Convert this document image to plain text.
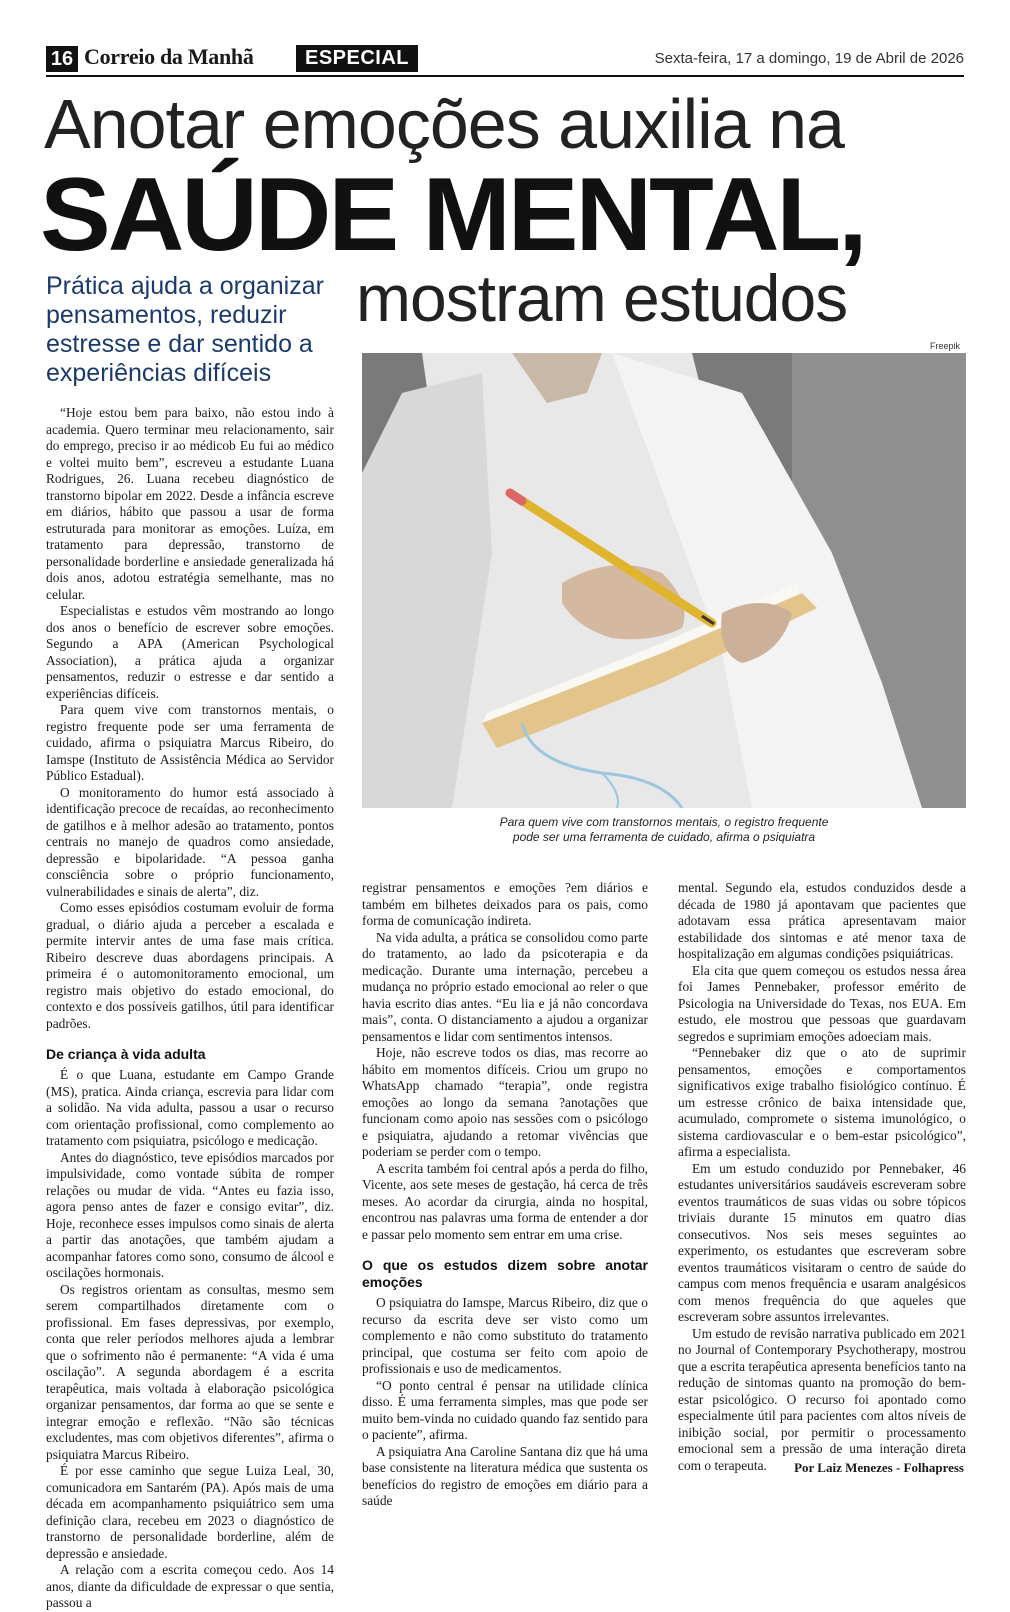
16 Correio da Manhã	ESPECIAL	Sexta-feira, 17 a domingo, 19 de Abril de 2026
Anotar emoções auxilia na
SAÚDE MENTAL,
mostram estudos
Prática ajuda a organizar pensamentos, reduzir estresse e dar sentido a experiências difíceis
Freepik
Para quem vive com transtornos mentais, o registro frequente
pode ser uma ferramenta de cuidado, afirma o psiquiatra

“Hoje estou bem para baixo, não estou indo à academia. Quero terminar meu relacionamento, sair do emprego, preciso ir ao médicob Eu fui ao médico e voltei muito bem”, escreveu a estudante Luana Rodrigues, 26. Luana recebeu diagnóstico de transtorno bipolar em 2022. Desde a infância escreve em diários, hábito que passou a usar de forma estruturada para monitorar as emoções. Luíza, em tratamento para depressão, transtorno de personalidade borderline e ansiedade generalizada há dois anos, adotou estratégia semelhante, mas no celular.

Especialistas e estudos vêm mostrando ao longo dos anos o benefício de escrever sobre emoções. Segundo a APA (American Psychological Association), a prática ajuda a organizar pensamentos, reduzir o estresse e dar sentido a experiências difíceis.

Para quem vive com transtornos mentais, o registro frequente pode ser uma ferramenta de cuidado, afirma o psiquiatra Marcus Ribeiro, do Iamspe (Instituto de Assistência Médica ao Servidor Público Estadual).

O monitoramento do humor está associado à identificação precoce de recaídas, ao reconhecimento de gatilhos e à melhor adesão ao tratamento, pontos centrais no manejo de quadros como ansiedade, depressão e bipolaridade. “A pessoa ganha consciência sobre o próprio funcionamento, vulnerabilidades e sinais de alerta”, diz.

Como esses episódios costumam evoluir de forma gradual, o diário ajuda a perceber a escalada e permite intervir antes de uma fase mais crítica. Ribeiro descreve duas abordagens principais. A primeira é o automonitoramento emocional, um registro mais objetivo do estado emocional, do contexto e dos possíveis gatilhos, útil para identificar padrões.

De criança à vida adulta

É o que Luana, estudante em Campo Grande (MS), pratica. Ainda criança, escrevia para lidar com a solidão. Na vida adulta, passou a usar o recurso com orientação profissional, como complemento ao tratamento com psiquiatra, psicólogo e medicação.

Antes do diagnóstico, teve episódios marcados por impulsividade, como vontade súbita de romper relações ou mudar de vida. “Antes eu fazia isso, agora penso antes de fazer e consigo evitar”, diz. Hoje, reconhece esses impulsos como sinais de alerta a partir das anotações, que também ajudam a acompanhar fatores como sono, consumo de álcool e oscilações hormonais.

Os registros orientam as consultas, mesmo sem serem compartilhados diretamente com o profissional. Em fases depressivas, por exemplo, conta que reler períodos melhores ajuda a lembrar que o sofrimento não é permanente: “A vida é uma oscilação”. A segunda abordagem é a escrita terapêutica, mais voltada à elaboração psicológica organizar pensamentos, dar forma ao que se sente e integrar emoção e reflexão. “Não são técnicas excludentes, mas com objetivos diferentes”, afirma o psiquiatra Marcus Ribeiro.

É por esse caminho que segue Luiza Leal, 30, comunicadora em Santarém (PA). Após mais de uma década em acompanhamento psiquiátrico sem uma definição clara, recebeu em 2023 o diagnóstico de transtorno de personalidade borderline, além de depressão e ansiedade.

A relação com a escrita começou cedo. Aos 14 anos, diante da dificuldade de expressar o que sentia, passou a

registrar pensamentos e emoções ?em diários e também em bilhetes deixados para os pais, como forma de comunicação indireta.

Na vida adulta, a prática se consolidou como parte do tratamento, ao lado da psicoterapia e da medicação. Durante uma internação, percebeu a mudança no próprio estado emocional ao reler o que havia escrito dias antes. “Eu lia e já não concordava mais”, conta. O distanciamento a ajudou a organizar pensamentos e lidar com sentimentos intensos.

Hoje, não escreve todos os dias, mas recorre ao hábito em momentos difíceis. Criou um grupo no WhatsApp chamado “terapia”, onde registra emoções ao longo da semana ?anotações que funcionam como apoio nas sessões com o psicólogo e psiquiatra, ajudando a retomar vivências que poderiam se perder com o tempo.

A escrita também foi central após a perda do filho, Vicente, aos sete meses de gestação, há cerca de três meses. Ao acordar da cirurgia, ainda no hospital, encontrou nas palavras uma forma de entender a dor e passar pelo momento sem entrar em uma crise.

O que os estudos dizem sobre anotar emoções

O psiquiatra do Iamspe, Marcus Ribeiro, diz que o recurso da escrita deve ser visto como um complemento e não como substituto do tratamento principal, que costuma ser feito com apoio de profissionais e uso de medicamentos.

“O ponto central é pensar na utilidade clínica disso. É uma ferramenta simples, mas que pode ser muito bem-vinda no cuidado quando faz sentido para o paciente”, afirma.

A psiquiatra Ana Caroline Santana diz que há uma base consistente na literatura médica que sustenta os benefícios do registro de emoções em diário para a saúde

mental. Segundo ela, estudos conduzidos desde a década de 1980 já apontavam que pacientes que adotavam essa prática apresentavam maior estabilidade dos sintomas e até menor taxa de hospitalização em algumas condições psiquiátricas.

Ela cita que quem começou os estudos nessa área foi James Pennebaker, professor emérito de Psicologia na Universidade do Texas, nos EUA. Em estudo, ele mostrou que pessoas que guardavam segredos e suprimiam emoções adoeciam mais.

“Pennebaker diz que o ato de suprimir pensamentos, emoções e comportamentos significativos exige trabalho fisiológico contínuo. É um estresse crônico de baixa intensidade que, acumulado, compromete o sistema imunológico, o sistema cardiovascular e o bem-estar psicológico”, afirma a especialista.

Em um estudo conduzido por Pennebaker, 46 estudantes universitários saudáveis escreveram sobre eventos traumáticos de suas vidas ou sobre tópicos triviais durante 15 minutos em quatro dias consecutivos. Nos seis meses seguintes ao experimento, os estudantes que escreveram sobre eventos traumáticos visitaram o centro de saúde do campus com menos frequência e usaram analgésicos com menos frequência do que aqueles que escreveram sobre assuntos irrelevantes.

Um estudo de revisão narrativa publicado em 2021 no Journal of Contemporary Psychotherapy, mostrou que a escrita terapêutica apresenta benefícios tanto na redução de sintomas quanto na promoção do bem-estar psicológico. O recurso foi apontado como especialmente útil para pacientes com altos níveis de inibição social, por permitir o processamento emocional sem a pressão de uma interação direta com o terapeuta.	Por Laiz Menezes - Folhapress
